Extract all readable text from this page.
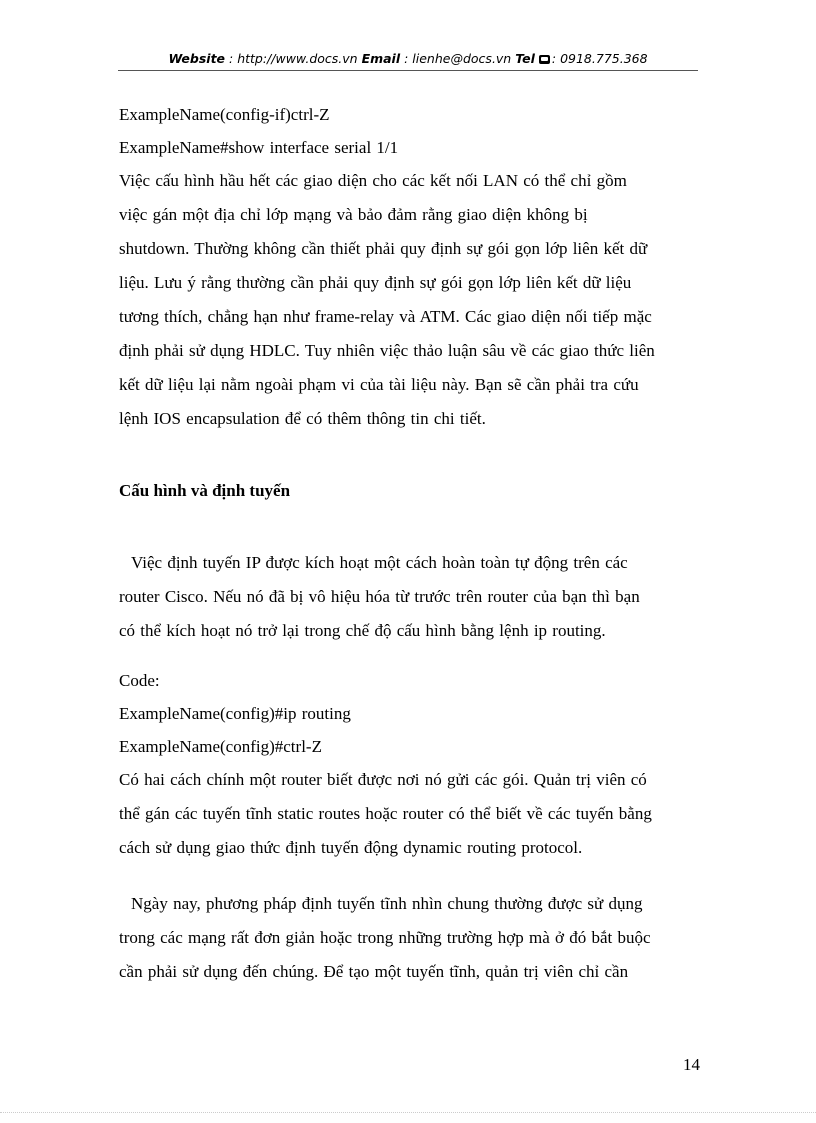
Website : http://www.docs.vn Email : lienhe@docs.vn Tel : 0918.775.368
ExampleName(config-if)ctrl-Z
ExampleName#show interface serial 1/1
Việc cấu hình hầu hết các giao diện cho các kết nối LAN có thể chỉ gồm
việc gán một địa chỉ lớp mạng và bảo đảm rằng giao diện không bị
shutdown. Thường không cần thiết phải quy định sự gói gọn lớp liên kết dữ
liệu. Lưu ý rằng thường cần phải quy định sự gói gọn lớp liên kết dữ liệu
tương thích, chẳng hạn như frame-relay và ATM. Các giao diện nối tiếp mặc
định phải sử dụng HDLC. Tuy nhiên việc thảo luận sâu về các giao thức liên
kết dữ liệu lại nằm ngoài phạm vi của tài liệu này. Bạn sẽ cần phải tra cứu
lệnh IOS encapsulation để có thêm thông tin chi tiết.
Cấu hình và định tuyến
Việc định tuyến IP được kích hoạt một cách hoàn toàn tự động trên các
router Cisco. Nếu nó đã bị vô hiệu hóa từ trước trên router của bạn thì bạn
có thể kích hoạt nó trở lại trong chế độ cấu hình bằng lệnh ip routing.
Code:
ExampleName(config)#ip routing
ExampleName(config)#ctrl-Z
Có hai cách chính một router biết được nơi nó gửi các gói. Quản trị viên có
thể gán các tuyến tĩnh static routes hoặc router có thể biết về các tuyến bằng
cách sử dụng giao thức định tuyến động dynamic routing protocol.
Ngày nay, phương pháp định tuyến tĩnh nhìn chung thường được sử dụng
trong các mạng rất đơn giản hoặc trong những trường hợp mà ở đó bắt buộc
cần phải sử dụng đến chúng. Để tạo một tuyến tĩnh, quản trị viên chỉ cần
14
